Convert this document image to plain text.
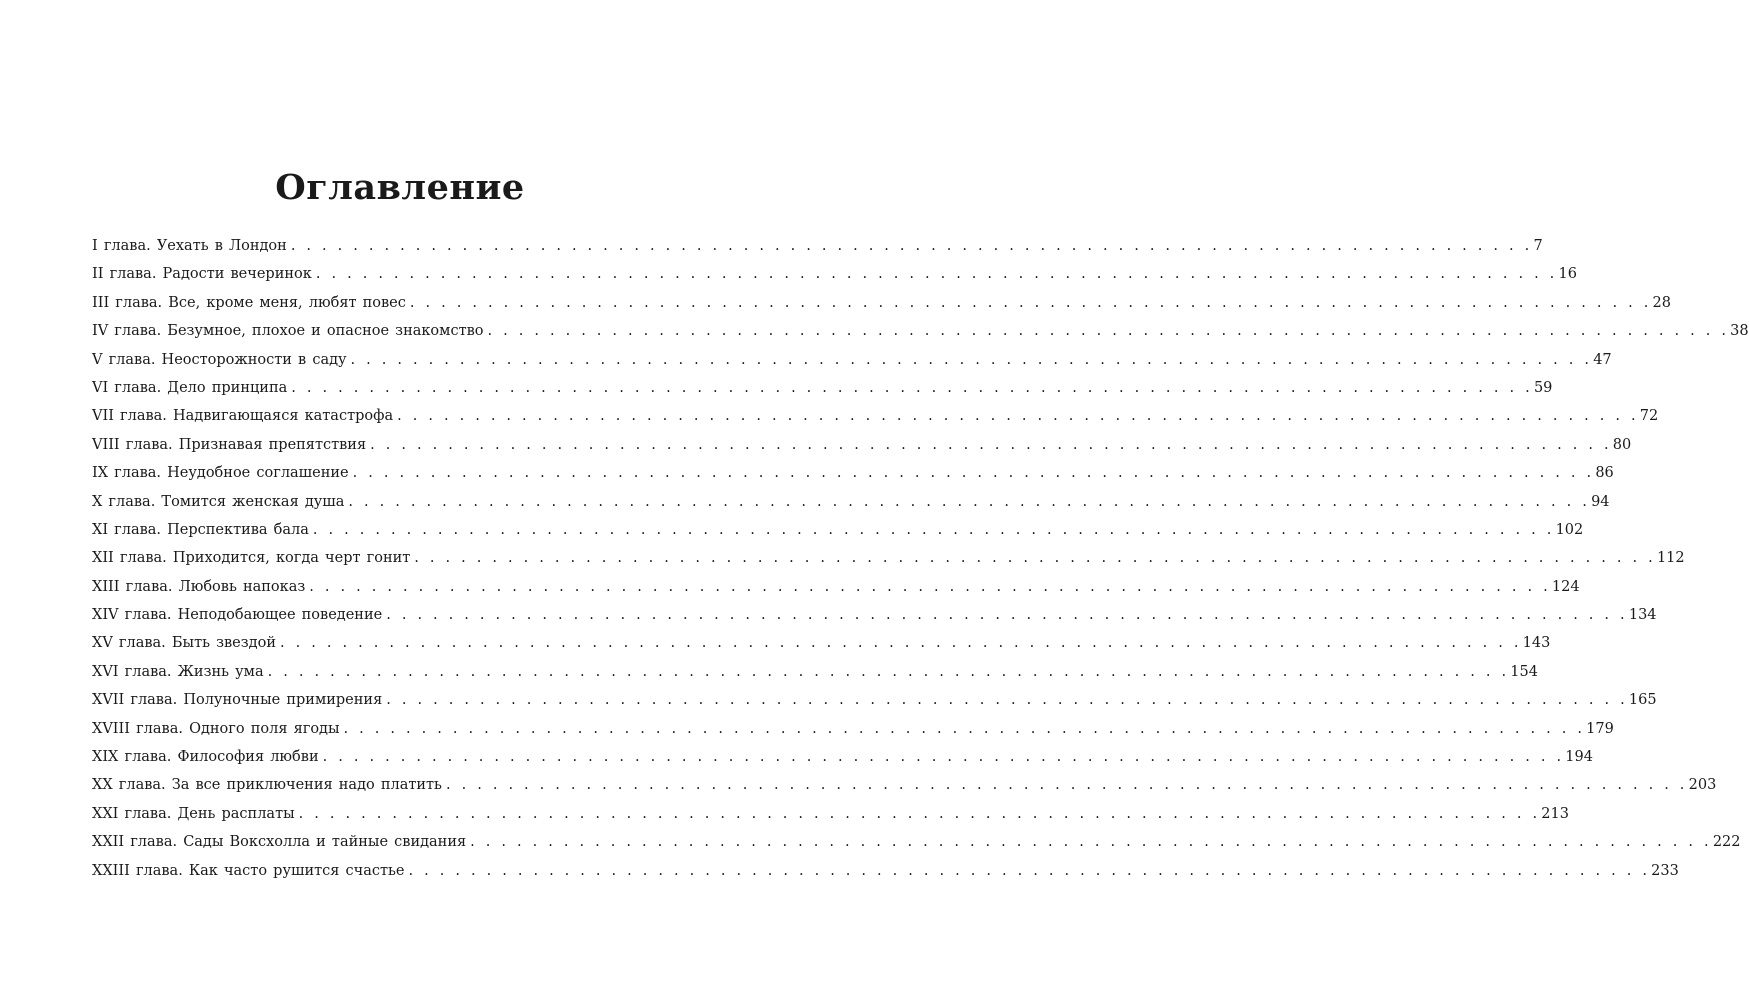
Оглавление
I глава. Уехать в Лондон . . . . . . . . . . . . . . . . . . . . . . . . . . . . . . . . . . . . . . . . . . . . . . . . . . . . . . . . . . . . . . . . . . . . . . . . . . . . . . . . 7
II глава. Радости вечеринок . . . . . . . . . . . . . . . . . . . . . . . . . . . . . . . . . . . . . . . . . . . . . . . . . . . . . . . . . . . . . . . . . . . . . . . . . . . . . . . . 16
III глава. Все, кроме меня, любят повес . . . . . . . . . . . . . . . . . . . . . . . . . . . . . . . . . . . . . . . . . . . . . . . . . . . . . . . . . . . . . . . . . . . . . . . . . . . . . . . . 28
IV глава. Безумное, плохое и опасное знакомство . . . . . . . . . . . . . . . . . . . . . . . . . . . . . . . . . . . . . . . . . . . . . . . . . . . . . . . . . . . . . . . . . . . . . . . . . . . . . . . . 38
V глава. Неосторожности в саду . . . . . . . . . . . . . . . . . . . . . . . . . . . . . . . . . . . . . . . . . . . . . . . . . . . . . . . . . . . . . . . . . . . . . . . . . . . . . . . . 47
VI глава. Дело принципа . . . . . . . . . . . . . . . . . . . . . . . . . . . . . . . . . . . . . . . . . . . . . . . . . . . . . . . . . . . . . . . . . . . . . . . . . . . . . . . . 59
VII глава. Надвигающаяся катастрофа . . . . . . . . . . . . . . . . . . . . . . . . . . . . . . . . . . . . . . . . . . . . . . . . . . . . . . . . . . . . . . . . . . . . . . . . . . . . . . . . 72
VIII глава. Признавая препятствия . . . . . . . . . . . . . . . . . . . . . . . . . . . . . . . . . . . . . . . . . . . . . . . . . . . . . . . . . . . . . . . . . . . . . . . . . . . . . . . . 80
IX глава. Неудобное соглашение . . . . . . . . . . . . . . . . . . . . . . . . . . . . . . . . . . . . . . . . . . . . . . . . . . . . . . . . . . . . . . . . . . . . . . . . . . . . . . . . 86
X глава. Томится женская душа . . . . . . . . . . . . . . . . . . . . . . . . . . . . . . . . . . . . . . . . . . . . . . . . . . . . . . . . . . . . . . . . . . . . . . . . . . . . . . . . 94
XI глава. Перспектива бала . . . . . . . . . . . . . . . . . . . . . . . . . . . . . . . . . . . . . . . . . . . . . . . . . . . . . . . . . . . . . . . . . . . . . . . . . . . . . . . . 102
XII глава. Приходится, когда черт гонит . . . . . . . . . . . . . . . . . . . . . . . . . . . . . . . . . . . . . . . . . . . . . . . . . . . . . . . . . . . . . . . . . . . . . . . . . . . . . . . . 112
XIII глава. Любовь напоказ . . . . . . . . . . . . . . . . . . . . . . . . . . . . . . . . . . . . . . . . . . . . . . . . . . . . . . . . . . . . . . . . . . . . . . . . . . . . . . . . 124
XIV глава. Неподобающее поведение . . . . . . . . . . . . . . . . . . . . . . . . . . . . . . . . . . . . . . . . . . . . . . . . . . . . . . . . . . . . . . . . . . . . . . . . . . . . . . . . 134
XV глава. Быть звездой . . . . . . . . . . . . . . . . . . . . . . . . . . . . . . . . . . . . . . . . . . . . . . . . . . . . . . . . . . . . . . . . . . . . . . . . . . . . . . . . 143
XVI глава. Жизнь ума . . . . . . . . . . . . . . . . . . . . . . . . . . . . . . . . . . . . . . . . . . . . . . . . . . . . . . . . . . . . . . . . . . . . . . . . . . . . . . . . 154
XVII глава. Полуночные примирения . . . . . . . . . . . . . . . . . . . . . . . . . . . . . . . . . . . . . . . . . . . . . . . . . . . . . . . . . . . . . . . . . . . . . . . . . . . . . . . . 165
XVIII глава. Одного поля ягоды . . . . . . . . . . . . . . . . . . . . . . . . . . . . . . . . . . . . . . . . . . . . . . . . . . . . . . . . . . . . . . . . . . . . . . . . . . . . . . . . 179
XIX глава. Философия любви . . . . . . . . . . . . . . . . . . . . . . . . . . . . . . . . . . . . . . . . . . . . . . . . . . . . . . . . . . . . . . . . . . . . . . . . . . . . . . . . 194
XX глава. За все приключения надо платить . . . . . . . . . . . . . . . . . . . . . . . . . . . . . . . . . . . . . . . . . . . . . . . . . . . . . . . . . . . . . . . . . . . . . . . . . . . . . . . . 203
XXI глава. День расплаты . . . . . . . . . . . . . . . . . . . . . . . . . . . . . . . . . . . . . . . . . . . . . . . . . . . . . . . . . . . . . . . . . . . . . . . . . . . . . . . . 213
XXII глава. Сады Воксхолла и тайные свидания . . . . . . . . . . . . . . . . . . . . . . . . . . . . . . . . . . . . . . . . . . . . . . . . . . . . . . . . . . . . . . . . . . . . . . . . . . . . . . . . 222
XXIII глава. Как часто рушится счастье . . . . . . . . . . . . . . . . . . . . . . . . . . . . . . . . . . . . . . . . . . . . . . . . . . . . . . . . . . . . . . . . . . . . . . . . . . . . . . . . 233
